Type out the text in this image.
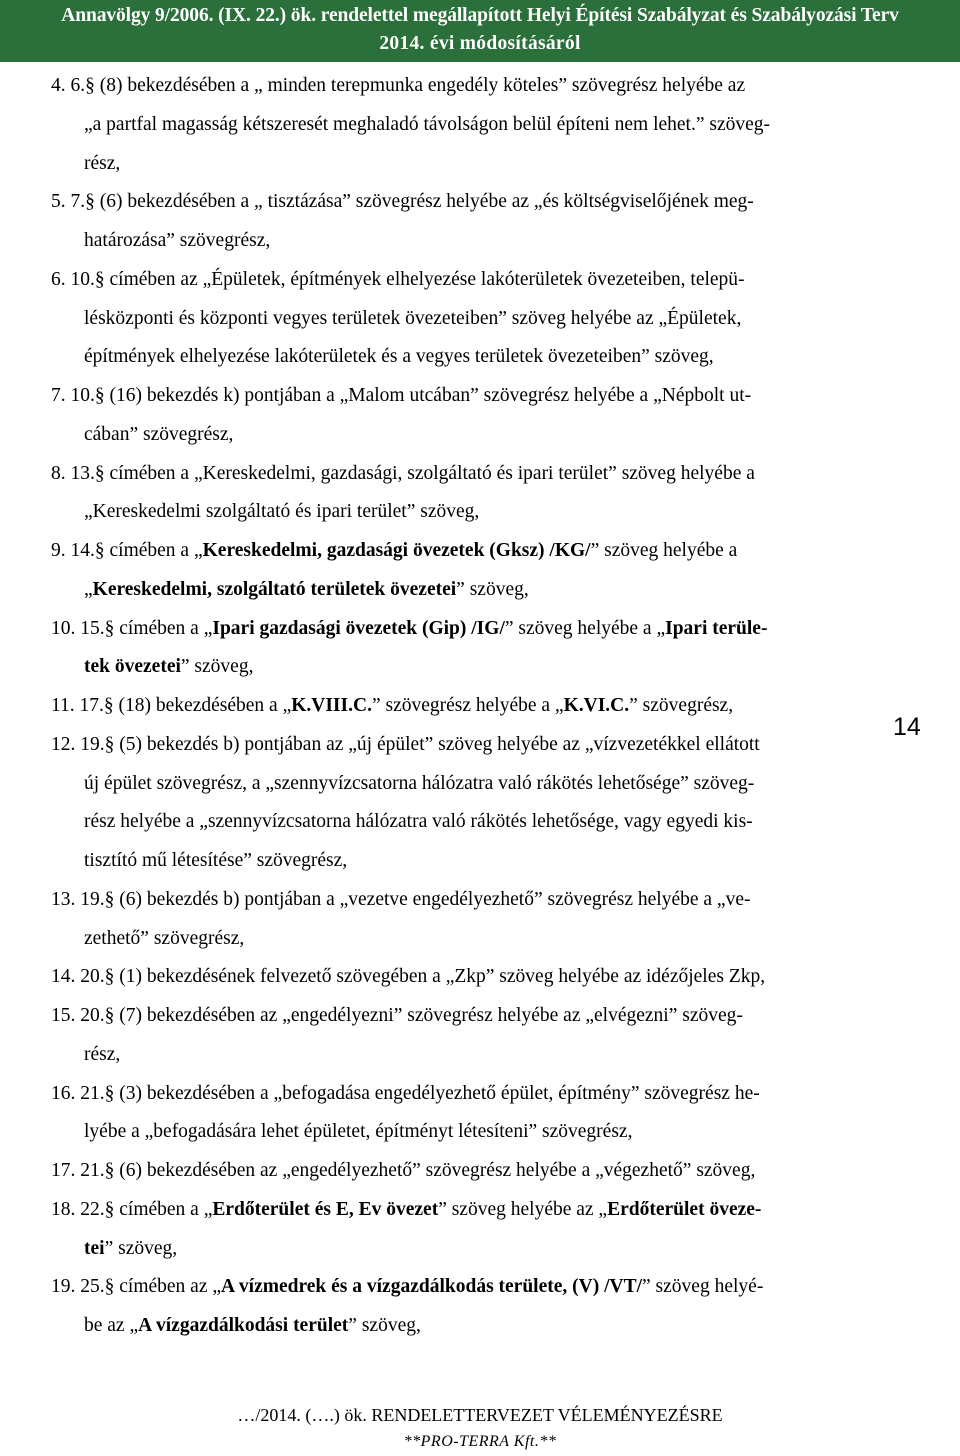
Annavölgy 9/2006. (IX. 22.) ök. rendelettel megállapított Helyi Építési Szabályzat és Szabályozási Terv
2014. évi módosításáról
4. 6.§ (8) bekezdésében a „ minden terepmunka engedély köteles” szövegrész helyébe az
„a partfal magasság kétszeresét meghaladó távolságon belül építeni nem lehet.” szöveg-
rész,
5. 7.§ (6) bekezdésében a „ tisztázása” szövegrész helyébe az „és költségviselőjének meg-
határozása” szövegrész,
6. 10.§ címében az „Épületek, építmények elhelyezése lakóterületek övezeteiben, telepü-
lésközponti és központi vegyes területek övezeteiben” szöveg helyébe az „Épületek,
építmények elhelyezése lakóterületek és a vegyes területek övezeteiben” szöveg,
7. 10.§ (16) bekezdés k) pontjában a „Malom utcában” szövegrész helyébe a „Népbolt ut-
cában” szövegrész,
8. 13.§ címében a „Kereskedelmi, gazdasági, szolgáltató és ipari terület” szöveg helyébe a
„Kereskedelmi szolgáltató és ipari terület” szöveg,
9. 14.§ címében a „Kereskedelmi, gazdasági övezetek (Gksz) /KG/” szöveg helyébe a
„Kereskedelmi, szolgáltató területek övezetei” szöveg,
10. 15.§ címében a „Ipari gazdasági övezetek (Gip) /IG/” szöveg helyébe a „Ipari terüle-
tek övezetei” szöveg,
11. 17.§ (18) bekezdésében a „K.VIII.C.” szövegrész helyébe a „K.VI.C.” szövegrész,
12. 19.§ (5) bekezdés b) pontjában az „új épület” szöveg helyébe az „vízvezetékkel ellátott
új épület szövegrész, a „szennyvízcsatorna hálózatra való rákötés lehetősége” szöveg-
rész helyébe a „szennyvízcsatorna hálózatra való rákötés lehetősége, vagy egyedi kis-
tisztító mű létesítése” szövegrész,
13. 19.§ (6) bekezdés b) pontjában a „vezetve engedélyezhető” szövegrész helyébe a „ve-
zethető” szövegrész,
14. 20.§ (1) bekezdésének felvezető szövegében a „Zkp” szöveg helyébe az idézőjeles Zkp,
15. 20.§ (7) bekezdésében az „engedélyezni” szövegrész helyébe az „elvégezni” szöveg-
rész,
16. 21.§ (3) bekezdésében a „befogadása engedélyezhető épület, építmény” szövegrész he-
lyébe a „befogadására lehet épületet, építményt létesíteni” szövegrész,
17. 21.§ (6) bekezdésében az „engedélyezhető” szövegrész helyébe a „végezhető” szöveg,
18. 22.§ címében a „Erdőterület és E, Ev övezet” szöveg helyébe az „Erdőterület öveze-
tei” szöveg,
19. 25.§ címében az „A vízmedrek és a vízgazdálkodás területe, (V) /VT/” szöveg helyé-
be az „A vízgazdálkodási terület” szöveg,
14
…/2014. (….) ök. RENDELETTERVEZET VÉLEMÉNYEZÉSRE
**PRO-TERRA Kft.**
